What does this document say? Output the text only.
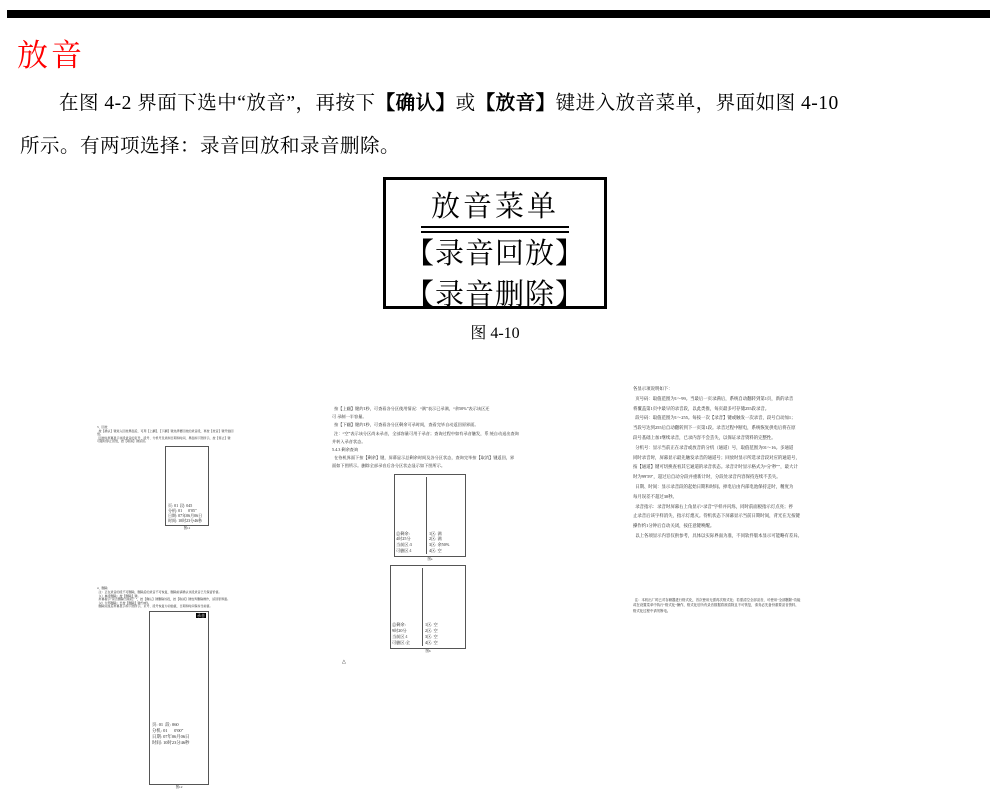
放音

在图 4-2 界面下选中“放音”，再按下【确认】或【放音】键进入放音菜单，界面如图 4-10
所示。有两项选择：录音回放和录音删除。

放音菜单
【录音回放】
【录音删除】
图 4-10

3、回放
按【确认】键进入回放界面后，可用【上翻】、【下翻】键选择要回放的录音段，再按【放音】键开始回
放。
回放时屏幕显示该段录音的页号、段号、分机号及录制日期和时间，界面如下图所示，按【停止】键
可随时停止回放，按【取消】键返回。

页: 01  段: 045
分机: 01      0′05″
日期: 07年06月06日
时间: 10时23分46秒
图11

4、删除
注：正在录音的段不可删除，删除后的录音不可恢复，删除前请确认该段录音已无保留价值。
（1）单段删除：按【删除】键。
屏幕提示“是否删除当前段？”，按【确认】键删除该段，按【取消】键放弃删除操作，返回原界面。
（2）全部删除：长按【删除】键约3秒。
删除完成后屏幕显示如下图所示，页号、段号恢复为初始值，日期和时间保持当前值。

录音

页: 01  段: 060
分机: 01      0′00″
日期: 07年06月06日
时间: 10时23分46秒

图12

按【上翻】键约1秒，可查看各分区使用情况：“满”表示已录满，“余50%”表示该区还
可 录制一半容量。
按【下翻】键约1秒，可查看各分区剩余可录时间，查看完毕自动返回原界面。
注：“空”表示该分区尚未录音，全部容量可用于录音；查询过程中如有录音触发，系 统自动退出查询
并转入录音状态。
5.4.3 剩余查询
在待机界面下按【剩余】键，屏幕显示总剩余时间及各分区状态，查询完毕按【取消】键返回，界
面如下图所示。删除全部录音后各分区状态显示如下图所示。

总剩余:
4时25分
当前区:3
可删区:1

1区: 满
2区: 满
3区: 余50%
4区: 空
图a

总剩余:
9时20分
当前区:1
可删区:全

1区: 空
2区: 空
3区: 空
4区: 空
图b
△

各显示项说明如下：
页号码：取值范围为1～99。当最后一页录满后，系统自动翻转到第1页，新的录音
将覆盖第1页中最早的录音段，以此类推，每页最多可存储255段录音。
段号码：取值范围为1～255。每按一次【录音】键或触发一次录音，段号自动加1；
当段号达到255后自动翻转到下一页第1段。录音过程中断电，系统恢复供电后将在原
段号基础上加1继续录音，已录内容不会丢失，以保证录音资料的完整性。
分机号：显示当前正在录音或放音的分机（通道）号，取值范围为01～16。多通道
同时录音时，屏幕显示最先触发录音的通道号；回放时显示所选录音段对应的通道号，
按【通道】键可切换查看其它通道的录音状态。录音计时显示格式为“分′秒″”，最大计
时为99′59″，超过后自动分段并重新计时，分段处录音内容保持连续不丢失。
日期、时间：显示录音段的起始日期和时间。掉电后由内部电池保持走时，精度为
每月误差不超过30秒。
录音指示：录音时屏幕右上角显示“录音”字样并闪烁，同时前面板指示灯点亮；停
止录音后该字样消失，指示灯熄灭。待机状态下屏幕显示当前日期时间，背光在无按键
操作约1分钟后自动关闭，按任意键唤醒。
以上各项显示内容仅供参考，具体以实际界面为准，不同软件版本显示可能略有差异。

注：本机出厂时已对存储器进行格式化，首次使用无需再次格式化；若需清空全部录音，可使用“全部删除”功能
或在设置菜单中执行“格式化”操作，格式化后所有录音数据将被清除且不可恢复，请务必先备份重要录音资料，
格式化过程中请勿断电。
